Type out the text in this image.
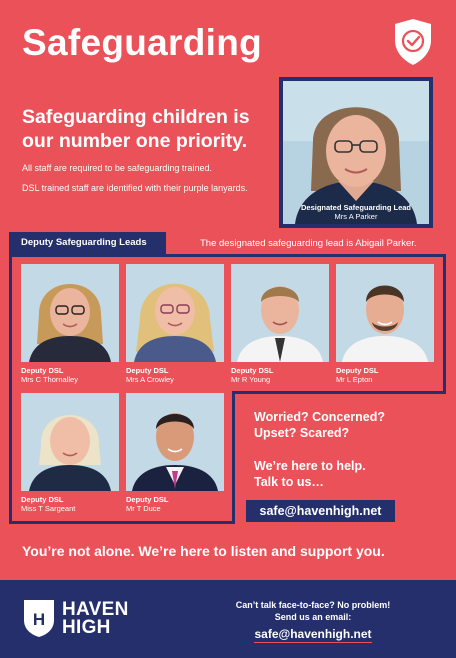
Safeguarding
Safeguarding children is our number one priority.
All staff are required to be safeguarding trained.
DSL trained staff are identified with their purple lanyards.
Designated Safeguarding Lead
Mrs A Parker
Deputy Safeguarding Leads	The designated safeguarding lead is Abigail Parker.
Deputy DSL
Mrs C Thornalley
Deputy DSL
Mrs A Crowley
Deputy DSL
Mr R Young
Deputy DSL
Mr L Epton
Deputy DSL
Miss T Sargeant
Deputy DSL
Mr T Duce
Worried? Concerned?
Upset? Scared?
We’re here to help.
Talk to us…
safe@havenhigh.net
You’re not alone. We’re here to listen and support you.
H HAVEN
HIGH
Can’t talk face-to-face? No problem!
Send us an email:
safe@havenhigh.net
